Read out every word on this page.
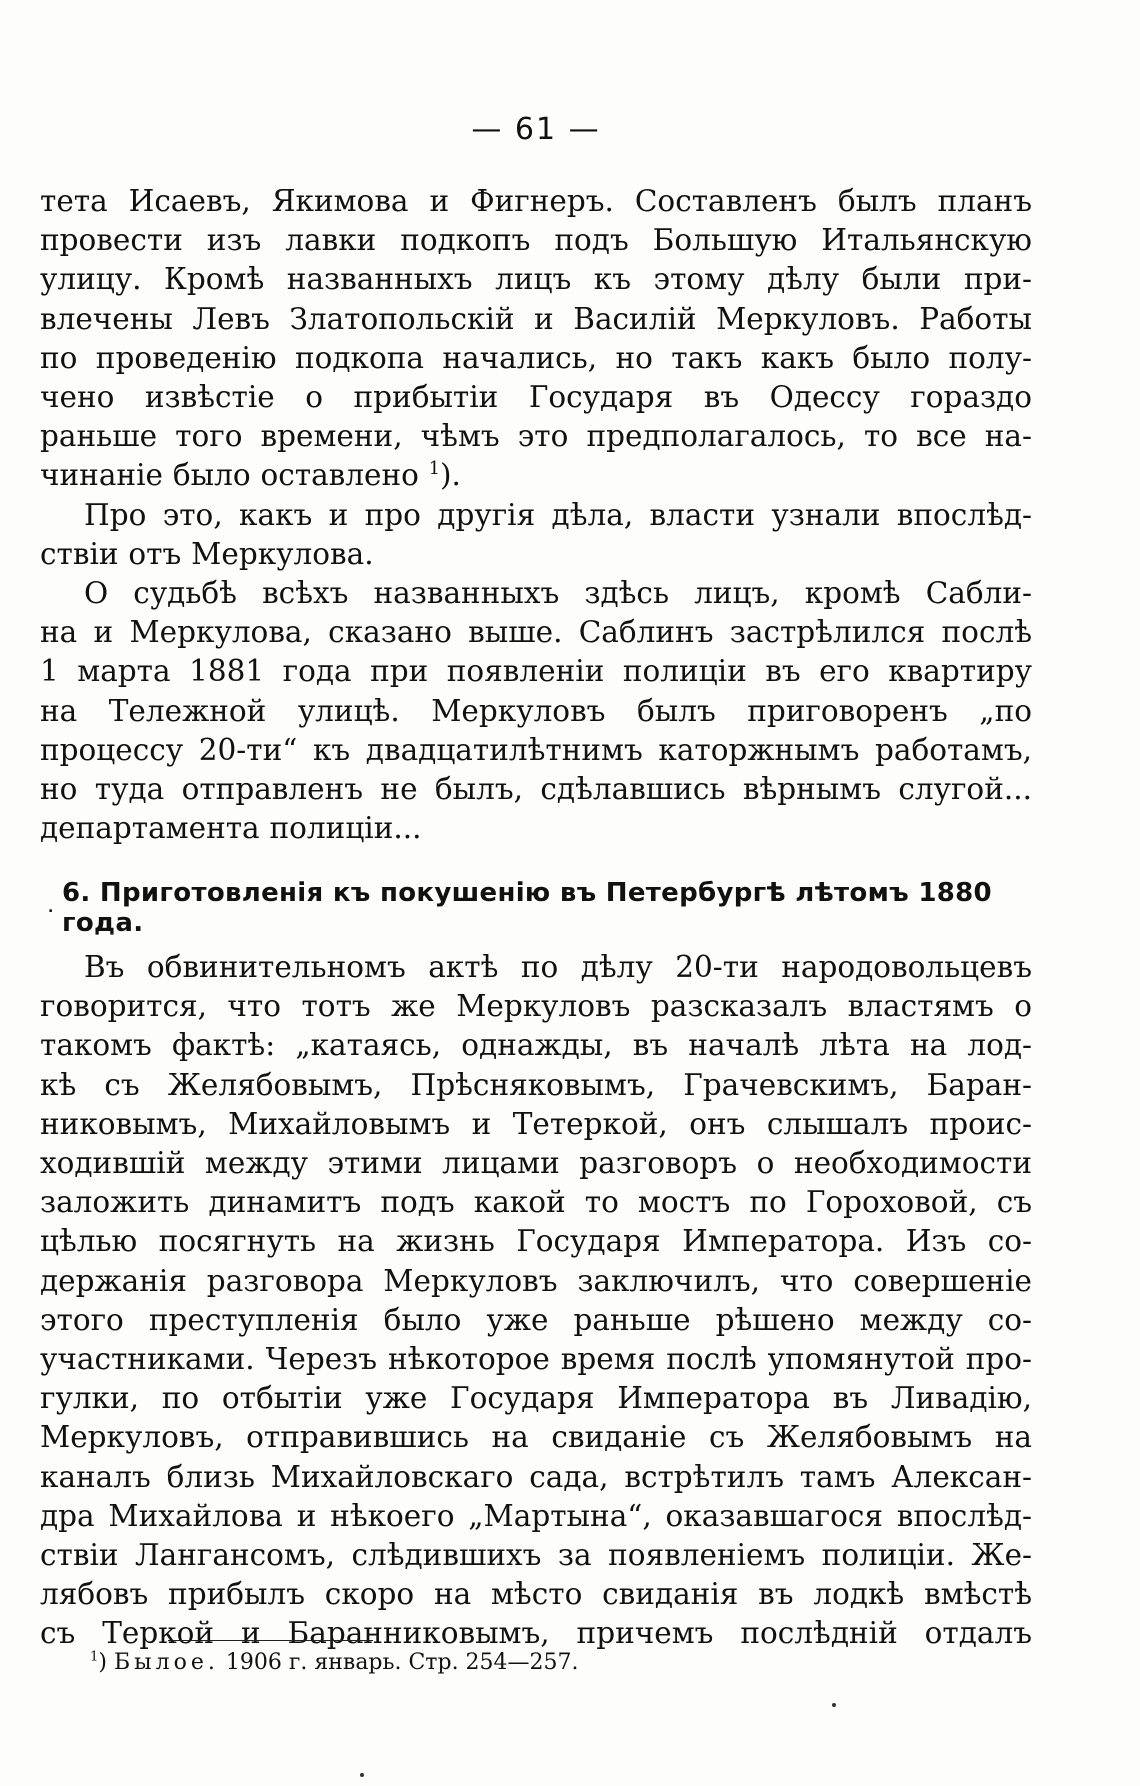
— 61 —
тета Исаевъ, Якимова и Фигнеръ. Составленъ былъ планъ
провести изъ лавки подкопъ подъ Большую Итальянскую
улицу. Кромѣ названныхъ лицъ къ этому дѣлу были при-
влечены Левъ Златопольскій и Василій Меркуловъ. Работы
по проведенію подкопа начались, но такъ какъ было полу-
чено извѣстіе о прибытіи Государя въ Одессу гораздо
раньше того времени, чѣмъ это предполагалось, то все на-
чинаніе было оставлено $^1$).
Про это, какъ и про другія дѣла, власти узнали впослѣд-
ствіи отъ Меркулова.
О судьбѣ всѣхъ названныхъ здѣсь лицъ, кромѣ Сабли-
на и Меркулова, сказано выше. Саблинъ застрѣлился послѣ
1 марта 1881 года при появленіи полиціи въ его квартиру
на Тележной улицѣ. Меркуловъ былъ приговоренъ „по
процессу 20-ти“ къ двадцатилѣтнимъ каторжнымъ работамъ,
но туда отправленъ не былъ, сдѣлавшись вѣрнымъ слугой...
департамента полиціи...
. 6. Приготовленія къ покушенію въ Петербургѣ лѣтомъ 1880 года.
Въ обвинительномъ актѣ по дѣлу 20-ти народовольцевъ
говорится, что тотъ же Меркуловъ разсказалъ властямъ о
такомъ фактѣ: „катаясь, однажды, въ началѣ лѣта на лод-
кѣ съ Желябовымъ, Прѣсняковымъ, Грачевскимъ, Баран-
никовымъ, Михайловымъ и Тетеркой, онъ слышалъ проис-
ходившій между этими лицами разговоръ о необходимости
заложить динамитъ подъ какой то мостъ по Гороховой, съ
цѣлью посягнуть на жизнь Государя Императора. Изъ со-
держанія разговора Меркуловъ заключилъ, что совершеніе
этого преступленія было уже раньше рѣшено между со-
участниками. Черезъ нѣкоторое время послѣ упомянутой про-
гулки, по отбытіи уже Государя Императора въ Ливадію,
Меркуловъ, отправившись на свиданіе съ Желябовымъ на
каналъ близь Михайловскаго сада, встрѣтилъ тамъ Алексан-
дра Михайлова и нѣкоего „Мартына“, оказавшагося впослѣд-
ствіи Лангансомъ, слѣдившихъ за появленіемъ полиціи. Же-
лябовъ прибылъ скоро на мѣсто свиданія въ лодкѣ вмѣстѣ
съ Теркой и Баранниковымъ, причемъ послѣдній отдалъ
$^1$) Былое. 1906 г. январь. Стр. 254—257.
